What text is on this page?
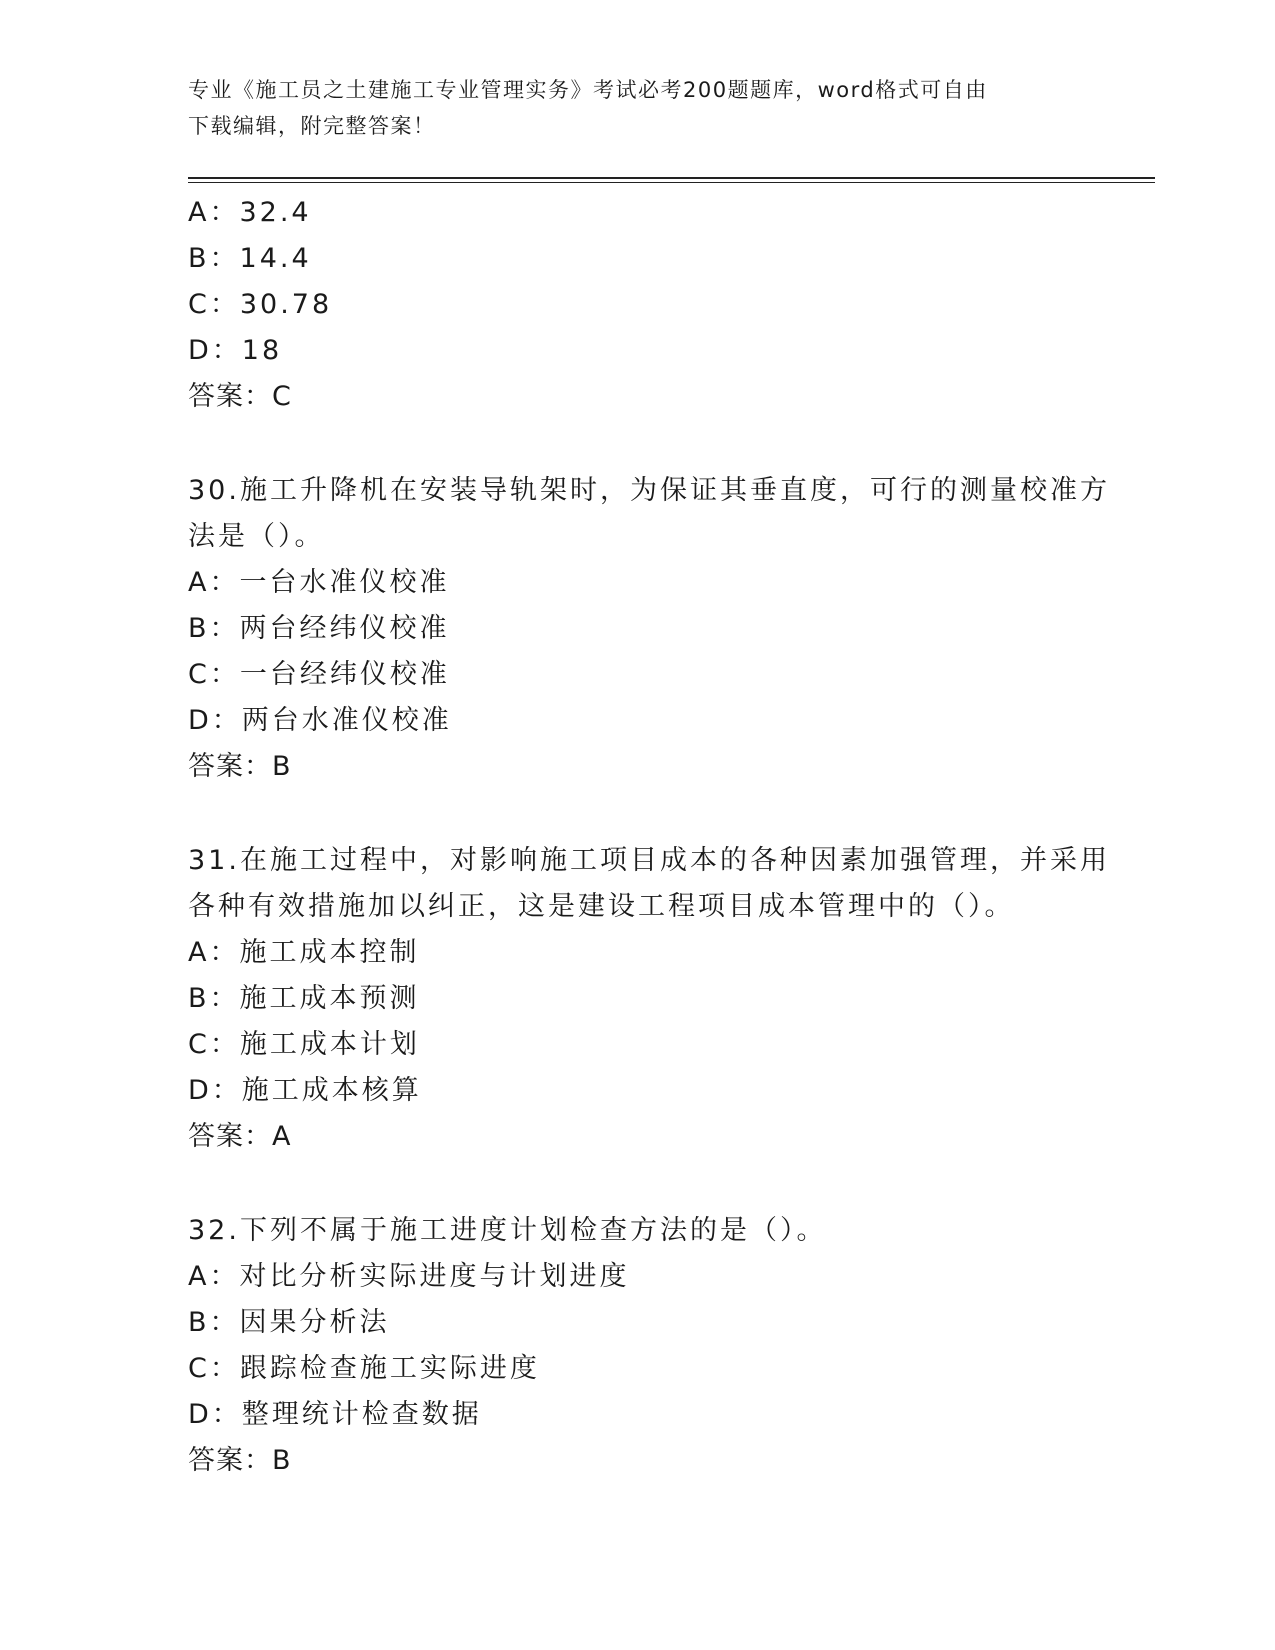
专业《施工员之土建施工专业管理实务》考试必考200题题库，word格式可自由
下载编辑，附完整答案！
A：32.4
B：14.4
C：30.78
D：18
答案：C
30.施工升降机在安装导轨架时，为保证其垂直度，可行的测量校准方
法是（）。
A：一台水准仪校准
B：两台经纬仪校准
C：一台经纬仪校准
D：两台水准仪校准
答案：B
31.在施工过程中，对影响施工项目成本的各种因素加强管理，并采用
各种有效措施加以纠正，这是建设工程项目成本管理中的（）。
A：施工成本控制
B：施工成本预测
C：施工成本计划
D：施工成本核算
答案：A
32.下列不属于施工进度计划检查方法的是（）。
A：对比分析实际进度与计划进度
B：因果分析法
C：跟踪检查施工实际进度
D：整理统计检查数据
答案：B
